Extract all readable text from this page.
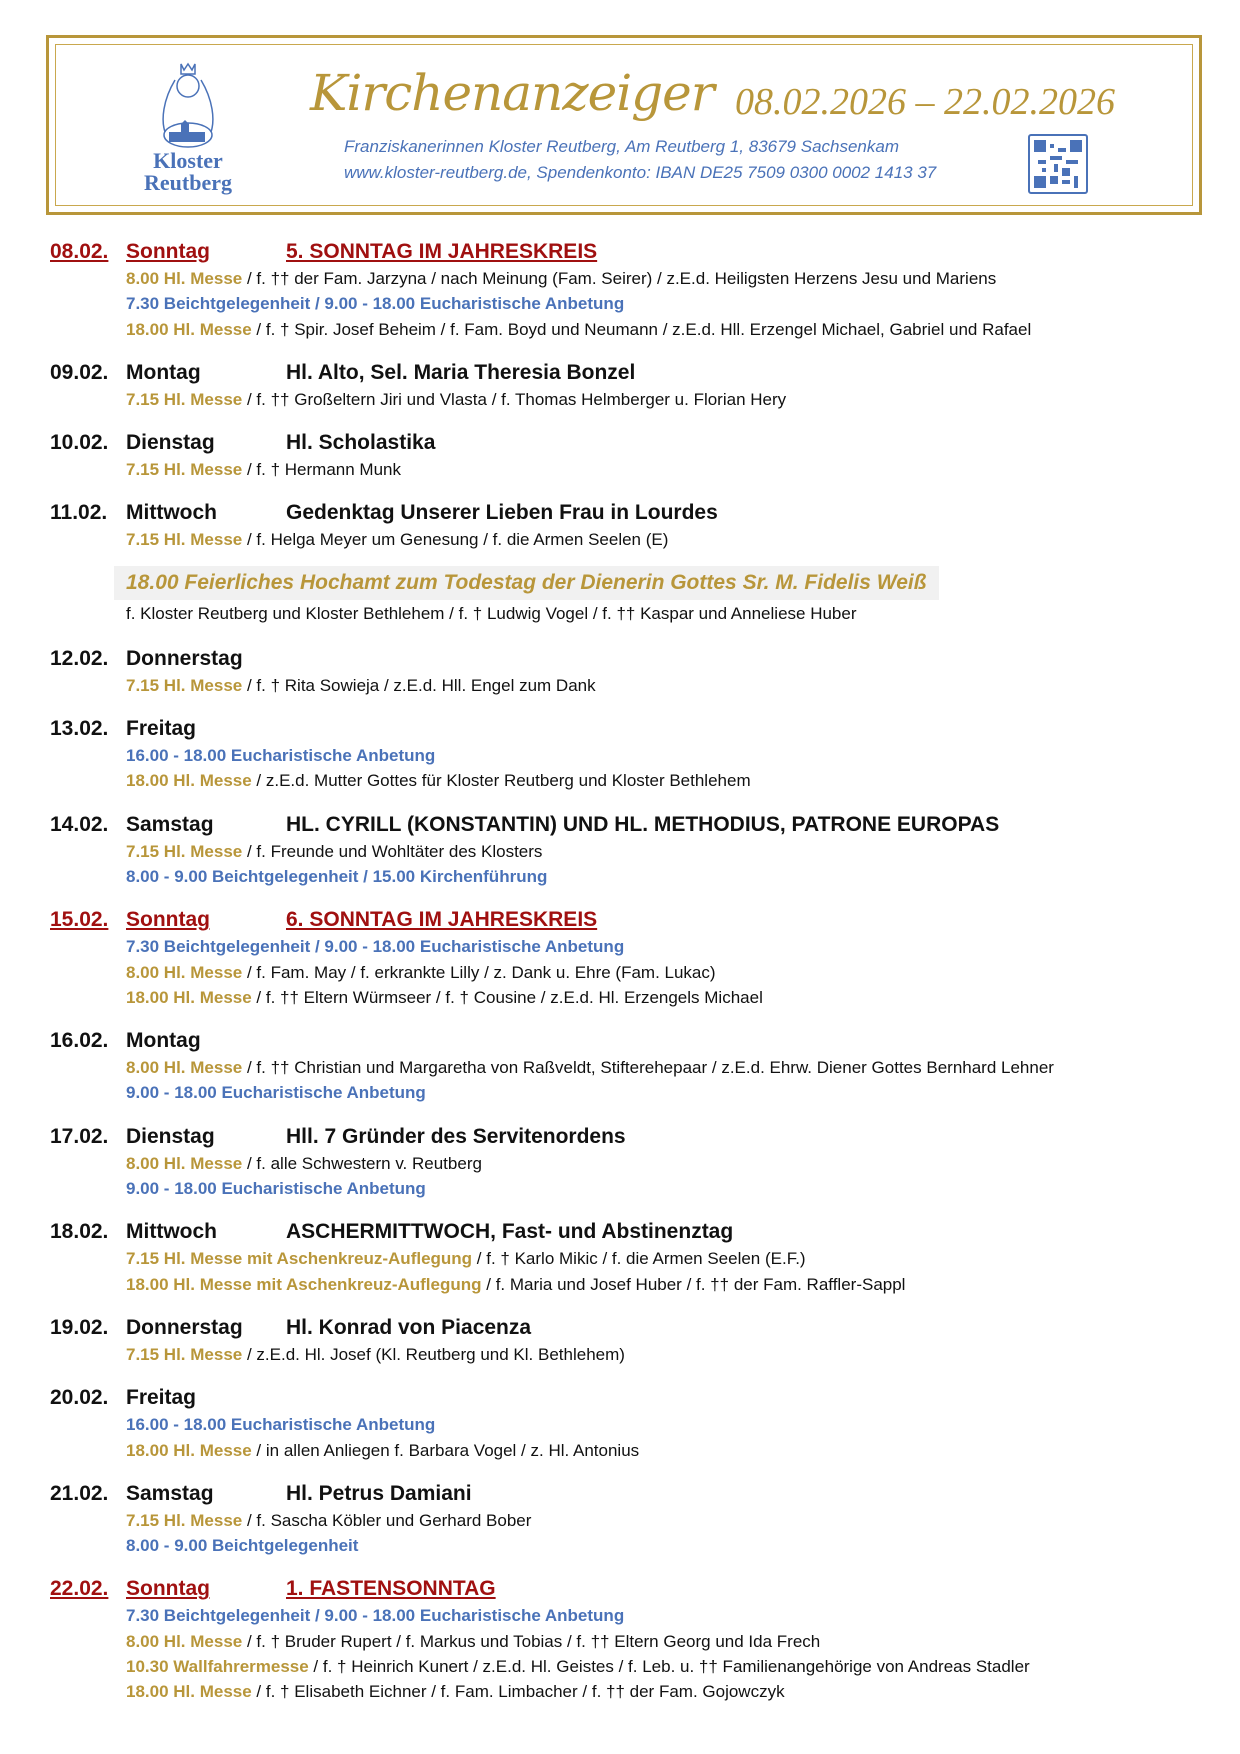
Kloster
Reutberg
Kirchenanzeiger 08.02.2026 – 22.02.2026
Franziskanerinnen Kloster Reutberg, Am Reutberg 1, 83679 Sachsenkam
www.kloster-reutberg.de, Spendenkonto: IBAN DE25 7509 0300 0002 1413 37
08.02. Sonntag	5. SONNTAG IM JAHRESKREIS
8.00 Hl. Messe / f. †† der Fam. Jarzyna / nach Meinung (Fam. Seirer) / z.E.d. Heiligsten Herzens Jesu und Mariens
7.30 Beichtgelegenheit / 9.00 - 18.00 Eucharistische Anbetung
18.00 Hl. Messe / f. † Spir. Josef Beheim / f. Fam. Boyd und Neumann / z.E.d. Hll. Erzengel Michael, Gabriel und Rafael
09.02. Montag	Hl. Alto, Sel. Maria Theresia Bonzel
7.15 Hl. Messe / f. †† Großeltern Jiri und Vlasta / f. Thomas Helmberger u. Florian Hery
10.02. Dienstag	Hl. Scholastika
7.15 Hl. Messe / f. † Hermann Munk
11.02. Mittwoch	Gedenktag Unserer Lieben Frau in Lourdes
7.15 Hl. Messe / f. Helga Meyer um Genesung / f. die Armen Seelen (E)
18.00 Feierliches Hochamt zum Todestag der Dienerin Gottes Sr. M. Fidelis Weiß
f. Kloster Reutberg und Kloster Bethlehem / f. † Ludwig Vogel / f. †† Kaspar und Anneliese Huber
12.02. Donnerstag
7.15 Hl. Messe / f. † Rita Sowieja / z.E.d. Hll. Engel zum Dank
13.02. Freitag
16.00 - 18.00 Eucharistische Anbetung
18.00 Hl. Messe / z.E.d. Mutter Gottes für Kloster Reutberg und Kloster Bethlehem
14.02. Samstag	HL. CYRILL (KONSTANTIN) UND HL. METHODIUS, PATRONE EUROPAS
7.15 Hl. Messe / f. Freunde und Wohltäter des Klosters
8.00 - 9.00 Beichtgelegenheit / 15.00 Kirchenführung
15.02. Sonntag	6. SONNTAG IM JAHRESKREIS
7.30 Beichtgelegenheit / 9.00 - 18.00 Eucharistische Anbetung
8.00 Hl. Messe / f. Fam. May / f. erkrankte Lilly / z. Dank u. Ehre (Fam. Lukac)
18.00 Hl. Messe / f. †† Eltern Würmseer / f. † Cousine / z.E.d. Hl. Erzengels Michael
16.02. Montag
8.00 Hl. Messe / f. †† Christian und Margaretha von Raßveldt, Stifterehepaar / z.E.d. Ehrw. Diener Gottes Bernhard Lehner
9.00 - 18.00 Eucharistische Anbetung
17.02. Dienstag	Hll. 7 Gründer des Servitenordens
8.00 Hl. Messe / f. alle Schwestern v. Reutberg
9.00 - 18.00 Eucharistische Anbetung
18.02. Mittwoch	ASCHERMITTWOCH, Fast- und Abstinenztag
7.15 Hl. Messe mit Aschenkreuz-Auflegung / f. † Karlo Mikic / f. die Armen Seelen (E.F.)
18.00 Hl. Messe mit Aschenkreuz-Auflegung / f. Maria und Josef Huber / f. †† der Fam. Raffler-Sappl
19.02. Donnerstag	Hl. Konrad von Piacenza
7.15 Hl. Messe / z.E.d. Hl. Josef (Kl. Reutberg und Kl. Bethlehem)
20.02. Freitag
16.00 - 18.00 Eucharistische Anbetung
18.00 Hl. Messe / in allen Anliegen f. Barbara Vogel / z. Hl. Antonius
21.02. Samstag	Hl. Petrus Damiani
7.15 Hl. Messe / f. Sascha Köbler und Gerhard Bober
8.00 - 9.00 Beichtgelegenheit
22.02. Sonntag	1. FASTENSONNTAG
7.30 Beichtgelegenheit / 9.00 - 18.00 Eucharistische Anbetung
8.00 Hl. Messe / f. † Bruder Rupert / f. Markus und Tobias / f. †† Eltern Georg und Ida Frech
10.30 Wallfahrermesse / f. † Heinrich Kunert / z.E.d. Hl. Geistes / f. Leb. u. †† Familienangehörige von Andreas Stadler
18.00 Hl. Messe / f. † Elisabeth Eichner / f. Fam. Limbacher / f. †† der Fam. Gojowczyk
